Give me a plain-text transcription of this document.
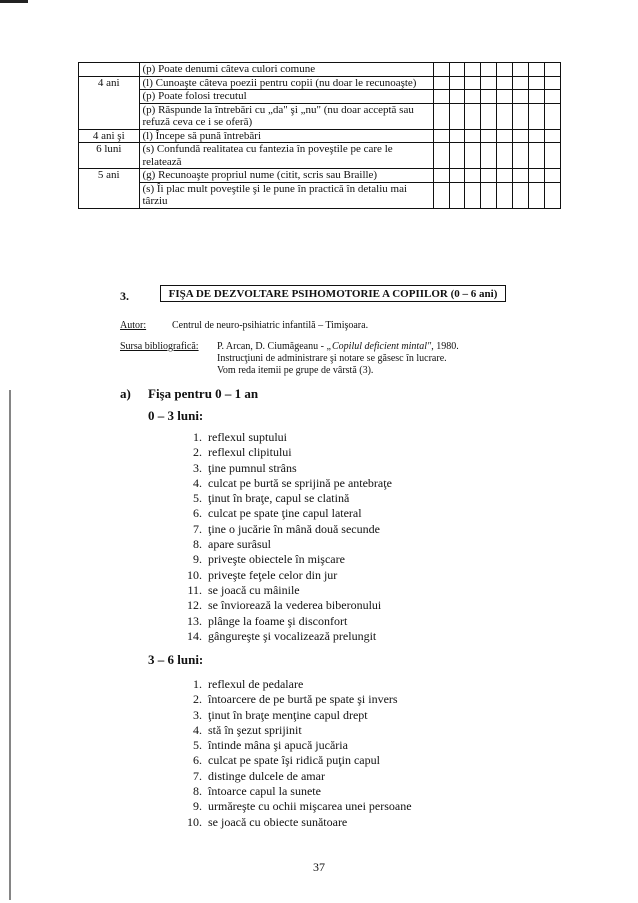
	(p) Poate denumi câteva culori comune								
4 ani	(l) Cunoaşte câteva poezii pentru copii (nu doar le recunoaşte)								
	(p) Poate folosi trecutul								
	(p) Răspunde la întrebări cu „da" şi „nu" (nu doar acceptă sau refuză ceva ce i se oferă)								
4 ani şi	(l) Începe să pună întrebări								
6 luni	(s) Confundă realitatea cu fantezia în poveştile pe care le relatează								
5 ani	(g) Recunoaşte propriul nume (citit, scris sau Braille)								
	(s) Îi plac mult poveştile şi le pune în practică în detaliu mai târziu								
3.	FIŞA DE DEZVOLTARE PSIHOMOTORIE A COPIILOR (0 – 6 ani)
Autor:	Centrul de neuro-psihiatric infantilă – Timişoara.
Sursa bibliografică: P. Arcan, D. Ciumăgeanu - „Copilul deficient mintal", 1980.
Instrucţiuni de administrare şi notare se găsesc în lucrare.
Vom reda itemii pe grupe de vârstă (3).
a) Fişa pentru 0 – 1 an
0 – 3 luni:
1. reflexul suptului
2. reflexul clipitului
3. ţine pumnul strâns
4. culcat pe burtă se sprijină pe antebraţe
5. ţinut în braţe, capul se clatină
6. culcat pe spate ţine capul lateral
7. ţine o jucărie în mână două secunde
8. apare surâsul
9. priveşte obiectele în mişcare
10. priveşte feţele celor din jur
11. se joacă cu mâinile
12. se înviorează la vederea biberonului
13. plânge la foame şi disconfort
14. gângureşte şi vocalizează prelungit
3 – 6 luni:
1. reflexul de pedalare
2. întoarcere de pe burtă pe spate şi invers
3. ţinut în braţe menţine capul drept
4. stă în şezut sprijinit
5. întinde mâna şi apucă jucăria
6. culcat pe spate îşi ridică puţin capul
7. distinge dulcele de amar
8. întoarce capul la sunete
9. urmăreşte cu ochii mişcarea unei persoane
10. se joacă cu obiecte sunătoare
37
